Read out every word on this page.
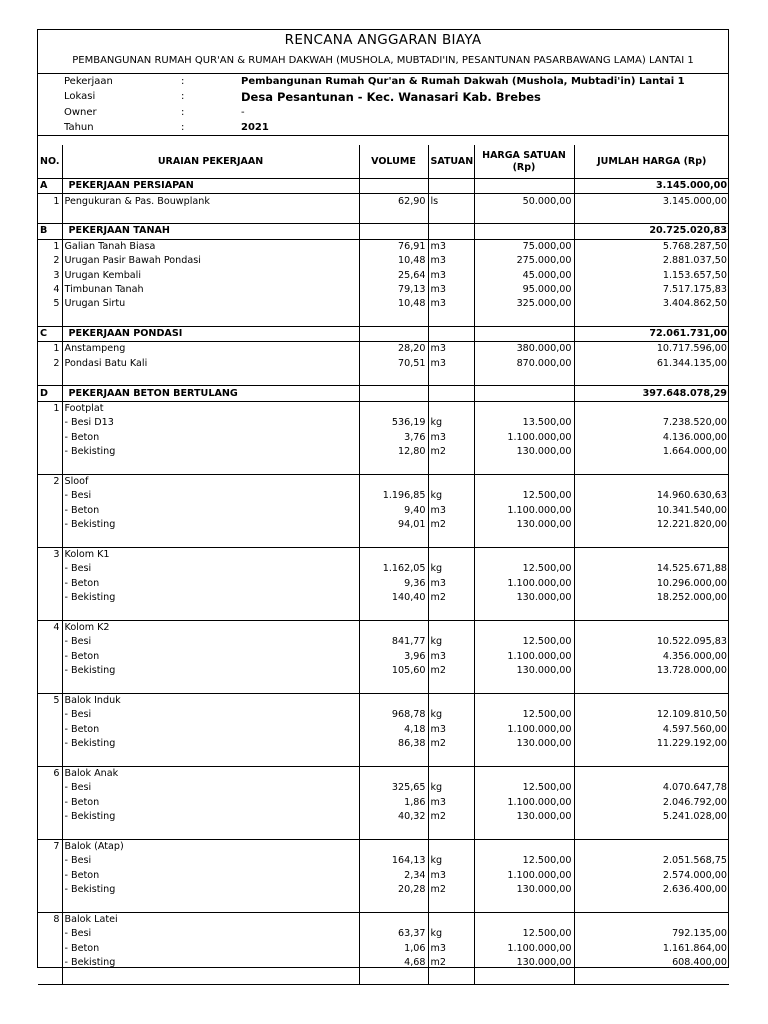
RENCANA ANGGARAN BIAYA
PEMBANGUNAN RUMAH QUR'AN & RUMAH DAKWAH (MUSHOLA, MUBTADI'IN, PESANTUNAN PASARBAWANG LAMA) LANTAI 1
Pekerjaan	:	Pembangunan Rumah Qur'an & Rumah Dakwah (Mushola, Mubtadi'in) Lantai 1
Lokasi	:	Desa Pesantunan - Kec. Wanasari Kab. Brebes
Owner	:	-
Tahun	:	2021
NO.	URAIAN PEKERJAAN	VOLUME	SATUAN	HARGA SATUAN (Rp)	JUMLAH HARGA (Rp)
A	PEKERJAAN PERSIAPAN				3.145.000,00
1	Pengukuran & Pas. Bouwplank	62,90	ls	50.000,00	3.145.000,00

B	PEKERJAAN TANAH				20.725.020,83
1	Galian Tanah Biasa	76,91	m3	75.000,00	5.768.287,50
2	Urugan Pasir Bawah Pondasi	10,48	m3	275.000,00	2.881.037,50
3	Urugan Kembali	25,64	m3	45.000,00	1.153.657,50
4	Timbunan Tanah	79,13	m3	95.000,00	7.517.175,83
5	Urugan Sirtu	10,48	m3	325.000,00	3.404.862,50

C	PEKERJAAN PONDASI				72.061.731,00
1	Anstampeng	28,20	m3	380.000,00	10.717.596,00
2	Pondasi Batu Kali	70,51	m3	870.000,00	61.344.135,00

D	PEKERJAAN BETON BERTULANG				397.648.078,29
1	Footplat				
	- Besi D13	536,19	kg	13.500,00	7.238.520,00
	- Beton	3,76	m3	1.100.000,00	4.136.000,00
	- Bekisting	12,80	m2	130.000,00	1.664.000,00

2	Sloof				
	- Besi	1.196,85	kg	12.500,00	14.960.630,63
	- Beton	9,40	m3	1.100.000,00	10.341.540,00
	- Bekisting	94,01	m2	130.000,00	12.221.820,00

3	Kolom K1				
	- Besi	1.162,05	kg	12.500,00	14.525.671,88
	- Beton	9,36	m3	1.100.000,00	10.296.000,00
	- Bekisting	140,40	m2	130.000,00	18.252.000,00

4	Kolom K2				
	- Besi	841,77	kg	12.500,00	10.522.095,83
	- Beton	3,96	m3	1.100.000,00	4.356.000,00
	- Bekisting	105,60	m2	130.000,00	13.728.000,00

5	Balok Induk				
	- Besi	968,78	kg	12.500,00	12.109.810,50
	- Beton	4,18	m3	1.100.000,00	4.597.560,00
	- Bekisting	86,38	m2	130.000,00	11.229.192,00

6	Balok Anak				
	- Besi	325,65	kg	12.500,00	4.070.647,78
	- Beton	1,86	m3	1.100.000,00	2.046.792,00
	- Bekisting	40,32	m2	130.000,00	5.241.028,00

7	Balok (Atap)				
	- Besi	164,13	kg	12.500,00	2.051.568,75
	- Beton	2,34	m3	1.100.000,00	2.574.000,00
	- Bekisting	20,28	m2	130.000,00	2.636.400,00

8	Balok Latei				
	- Besi	63,37	kg	12.500,00	792.135,00
	- Beton	1,06	m3	1.100.000,00	1.161.864,00
	- Bekisting	4,68	m2	130.000,00	608.400,00
